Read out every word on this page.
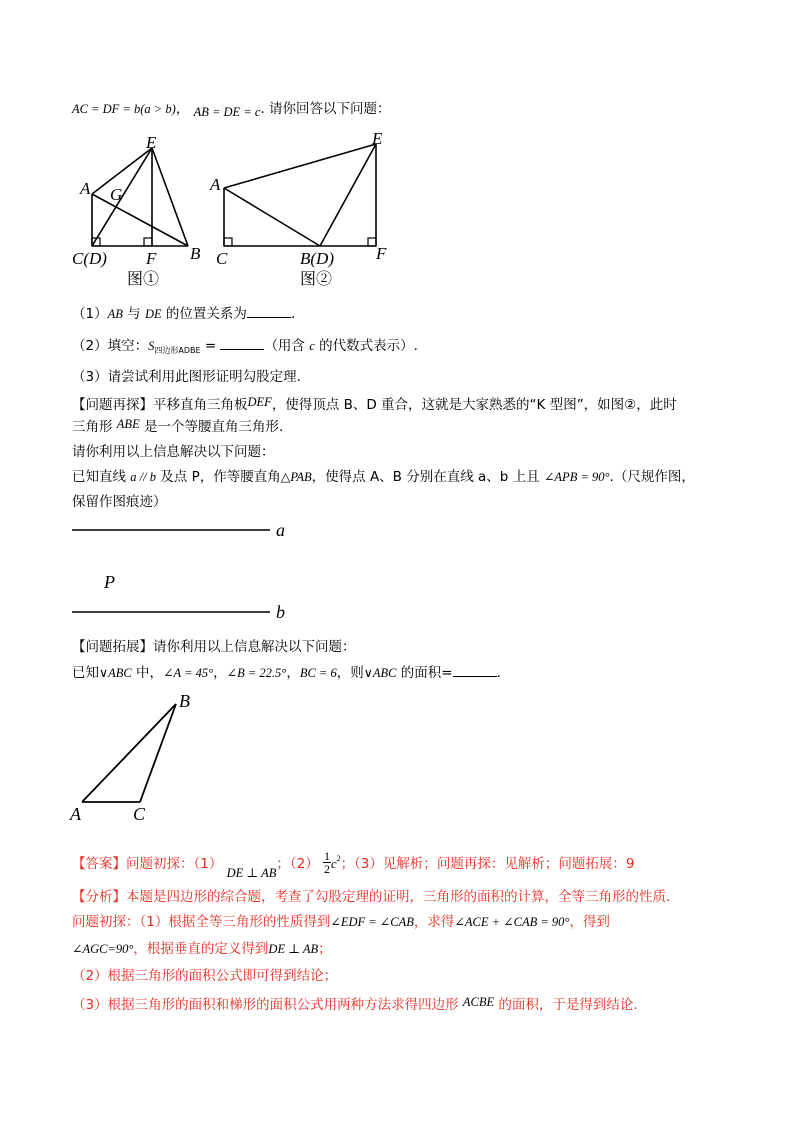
AC = DF = b(a > b)， AB = DE = c. 请你回答以下问题：
E
A G
C(D) F B
图①
E
A
C	B(D) F
图②
（1）AB 与 DE 的位置关系为	.
（2）填空：$S_{四边形ADBE}$ =	（用含 c 的代数式表示）.
（3）请尝试利用此图形证明勾股定理.
【问题再探】平移直角三角板DEF，使得顶点 B、D 重合，这就是大家熟悉的“K 型图”，如图②，此时
三角形 ABE 是一个等腰直角三角形.
请你利用以上信息解决以下问题：
已知直线 a // b 及点 P，作等腰直角△PAB，使得点 A、B 分别在直线 a、b 上且 ∠APB = 90°.（尺规作图，
保留作图痕迹）
a
P
b
【问题拓展】请你利用以上信息解决以下问题：
已知∨ABC 中，∠A = 45°，∠B = 22.5°，BC = 6，则∨ABC 的面积=	.
B
A	C
【答案】问题初探：（1） DE ⊥ AB；$(2) \frac{1}{2} c^2$；（3）见解析；问题再探：见解析；问题拓展：9
【分析】本题是四边形的综合题，考查了勾股定理的证明，三角形的面积的计算，全等三角形的性质.
问题初探：（1）根据全等三角形的性质得到∠EDF = ∠CAB，求得∠ACE + ∠CAB = 90°，得到
∠AGC=90°，根据垂直的定义得到DE ⊥ AB；
（2）根据三角形的面积公式即可得到结论；
（3）根据三角形的面积和梯形的面积公式用两种方法求得四边形 ACBE 的面积，于是得到结论.
